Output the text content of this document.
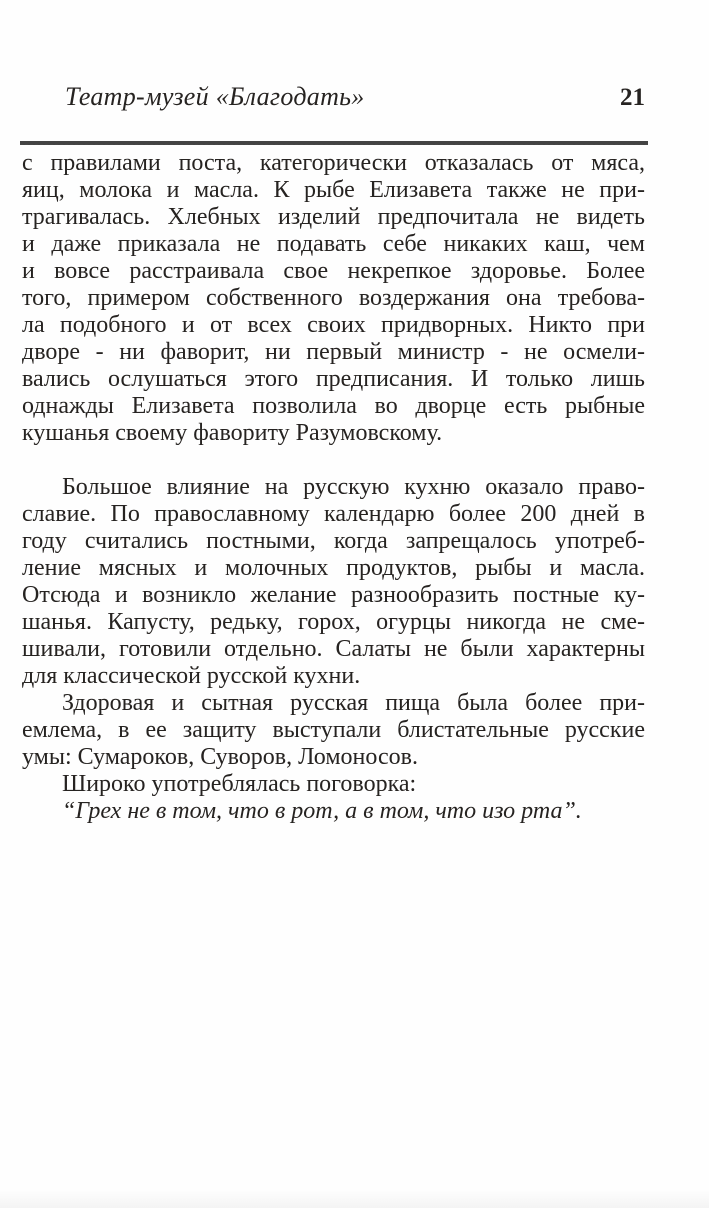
Театр-музей «Благодать»	21
с правилами поста, категорически отказалась от мяса,
яиц, молока и масла. К рыбе Елизавета также не при-
трагивалась. Хлебных изделий предпочитала не видеть
и даже приказала не подавать себе никаких каш, чем
и вовсе расстраивала свое некрепкое здоровье. Более
того, примером собственного воздержания она требова-
ла подобного и от всех своих придворных. Никто при
дворе - ни фаворит, ни первый министр - не осмели-
вались ослушаться этого предписания. И только лишь
однажды Елизавета позволила во дворце есть рыбные
кушанья своему фавориту Разумовскому.
Большое влияние на русскую кухню оказало право-
славие. По православному календарю более 200 дней в
году считались постными, когда запрещалось употреб-
ление мясных и молочных продуктов, рыбы и масла.
Отсюда и возникло желание разнообразить постные ку-
шанья. Капусту, редьку, горох, огурцы никогда не сме-
шивали, готовили отдельно. Салаты не были характерны
для классической русской кухни.
Здоровая и сытная русская пища была более при-
емлема, в ее защиту выступали блистательные русские
умы: Сумароков, Суворов, Ломоносов.
Широко употреблялась поговорка:
“Грех не в том, что в рот, а в том, что изо рта”.
